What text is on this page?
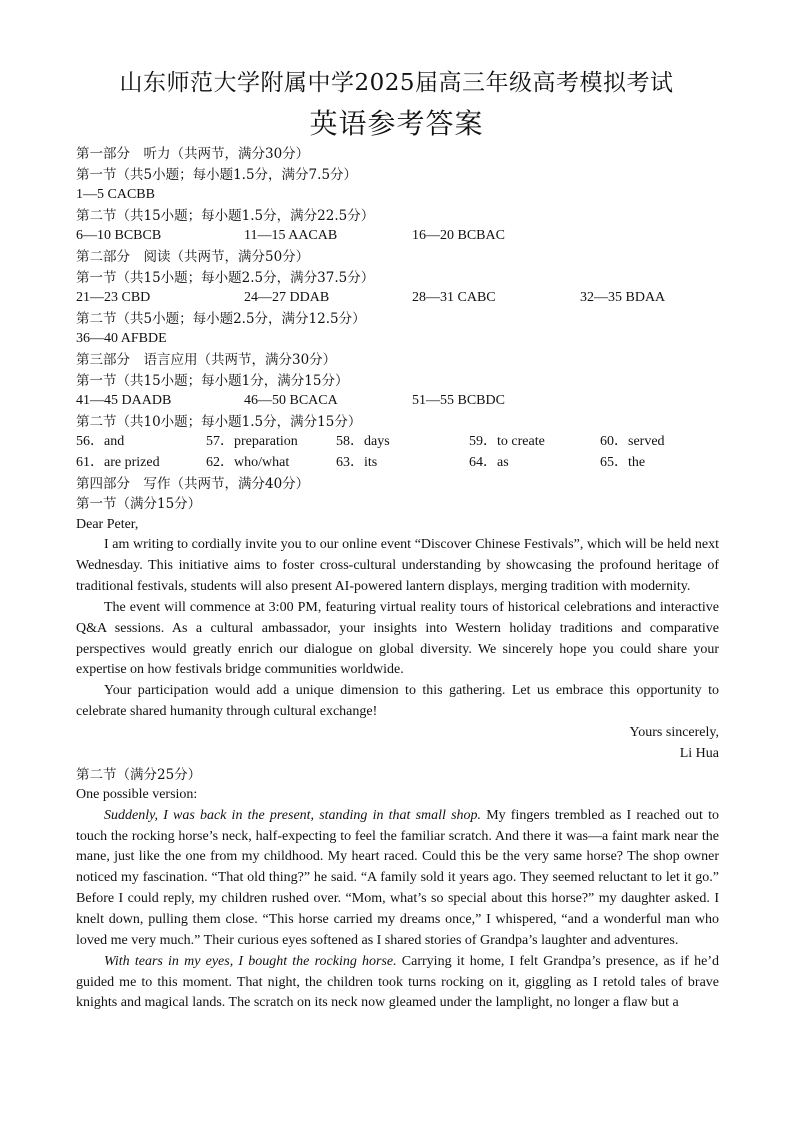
山东师范大学附属中学2025届高三年级高考模拟考试
英语参考答案
第一部分　听力（共两节，满分30分）
第一节（共5小题；每小题1.5分，满分7.5分）
1—5 CACBB
第二节（共15小题；每小题1.5分，满分22.5分）
6—10 BCBCB	11—15 AACAB	16—20 BCBAC
第二部分　阅读（共两节，满分50分）
第一节（共15小题；每小题2.5分，满分37.5分）
21—23 CBD	24—27 DDAB	28—31 CABC	32—35 BDAA
第二节（共5小题；每小题2.5分，满分12.5分）
36—40 AFBDE
第三部分　语言应用（共两节，满分30分）
第一节（共15小题；每小题1分，满分15分）
41—45 DAADB	46—50 BCACA	51—55 BCBDC
第二节（共10小题；每小题1.5分，满分15分）
56．and	57．preparation	58．days	59．to create	60．served
61．are prized	62．who/what	63．its	64．as	65．the
第四部分　写作（共两节，满分40分）
第一节（满分15分）
Dear Peter,

I am writing to cordially invite you to our online event “Discover Chinese Festivals”, which will be held next Wednesday. This initiative aims to foster cross-cultural understanding by showcasing the profound heritage of traditional festivals, students will also present AI-powered lantern displays, merging tradition with modernity.

The event will commence at 3:00 PM, featuring virtual reality tours of historical celebrations and interactive Q&A sessions. As a cultural ambassador, your insights into Western holiday traditions and comparative perspectives would greatly enrich our dialogue on global diversity. We sincerely hope you could share your expertise on how festivals bridge communities worldwide.

Your participation would add a unique dimension to this gathering. Let us embrace this opportunity to celebrate shared humanity through cultural exchange!

Yours sincerely,
Li Hua
第二节（满分25分）
One possible version:

Suddenly, I was back in the present, standing in that small shop. My fingers trembled as I reached out to touch the rocking horse’s neck, half-expecting to feel the familiar scratch. And there it was—a faint mark near the mane, just like the one from my childhood. My heart raced. Could this be the very same horse? The shop owner noticed my fascination. “That old thing?” he said. “A family sold it years ago. They seemed reluctant to let it go.” Before I could reply, my children rushed over. “Mom, what’s so special about this horse?” my daughter asked. I knelt down, pulling them close. “This horse carried my dreams once,” I whispered, “and a wonderful man who loved me very much.” Their curious eyes softened as I shared stories of Grandpa’s laughter and adventures.

With tears in my eyes, I bought the rocking horse. Carrying it home, I felt Grandpa’s presence, as if he’d guided me to this moment. That night, the children took turns rocking on it, giggling as I retold tales of brave knights and magical lands. The scratch on its neck now gleamed under the lamplight, no longer a flaw but a
